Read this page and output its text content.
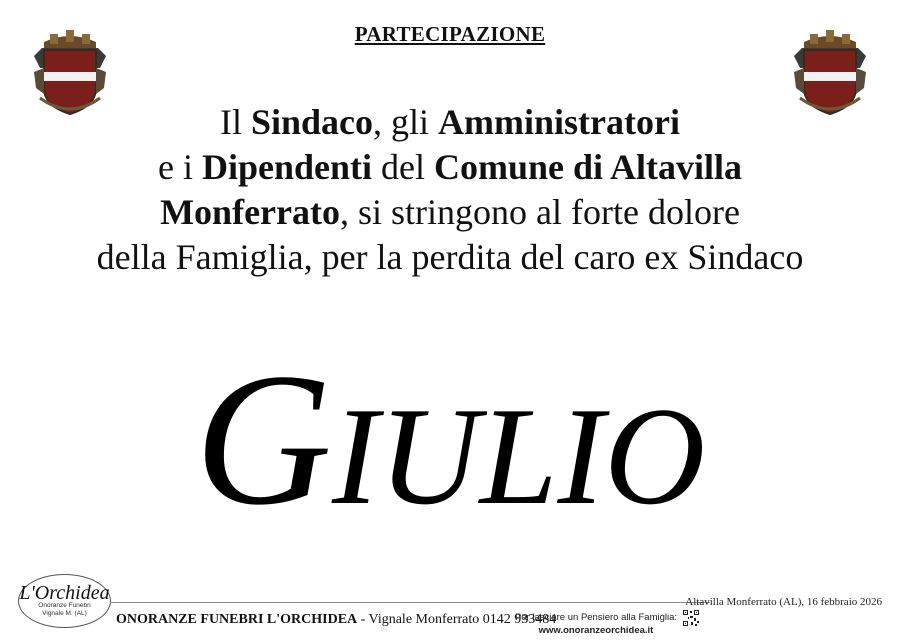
PARTECIPAZIONE
Il Sindaco, gli Amministratori
e i Dipendenti del Comune di Altavilla
Monferrato, si stringono al forte dolore
della Famiglia, per la perdita del caro ex Sindaco
GIULIO
L'Orchidea
Onoranze Funebri
Vignale M. (AL)	ONORANZE FUNEBRI L'ORCHIDEA - Vignale Monferrato 0142 933484
Altavilla Monferrato (AL), 16 febbraio 2026
Per lasciare un Pensiero alla Famiglia:
www.onoranzeorchidea.it
